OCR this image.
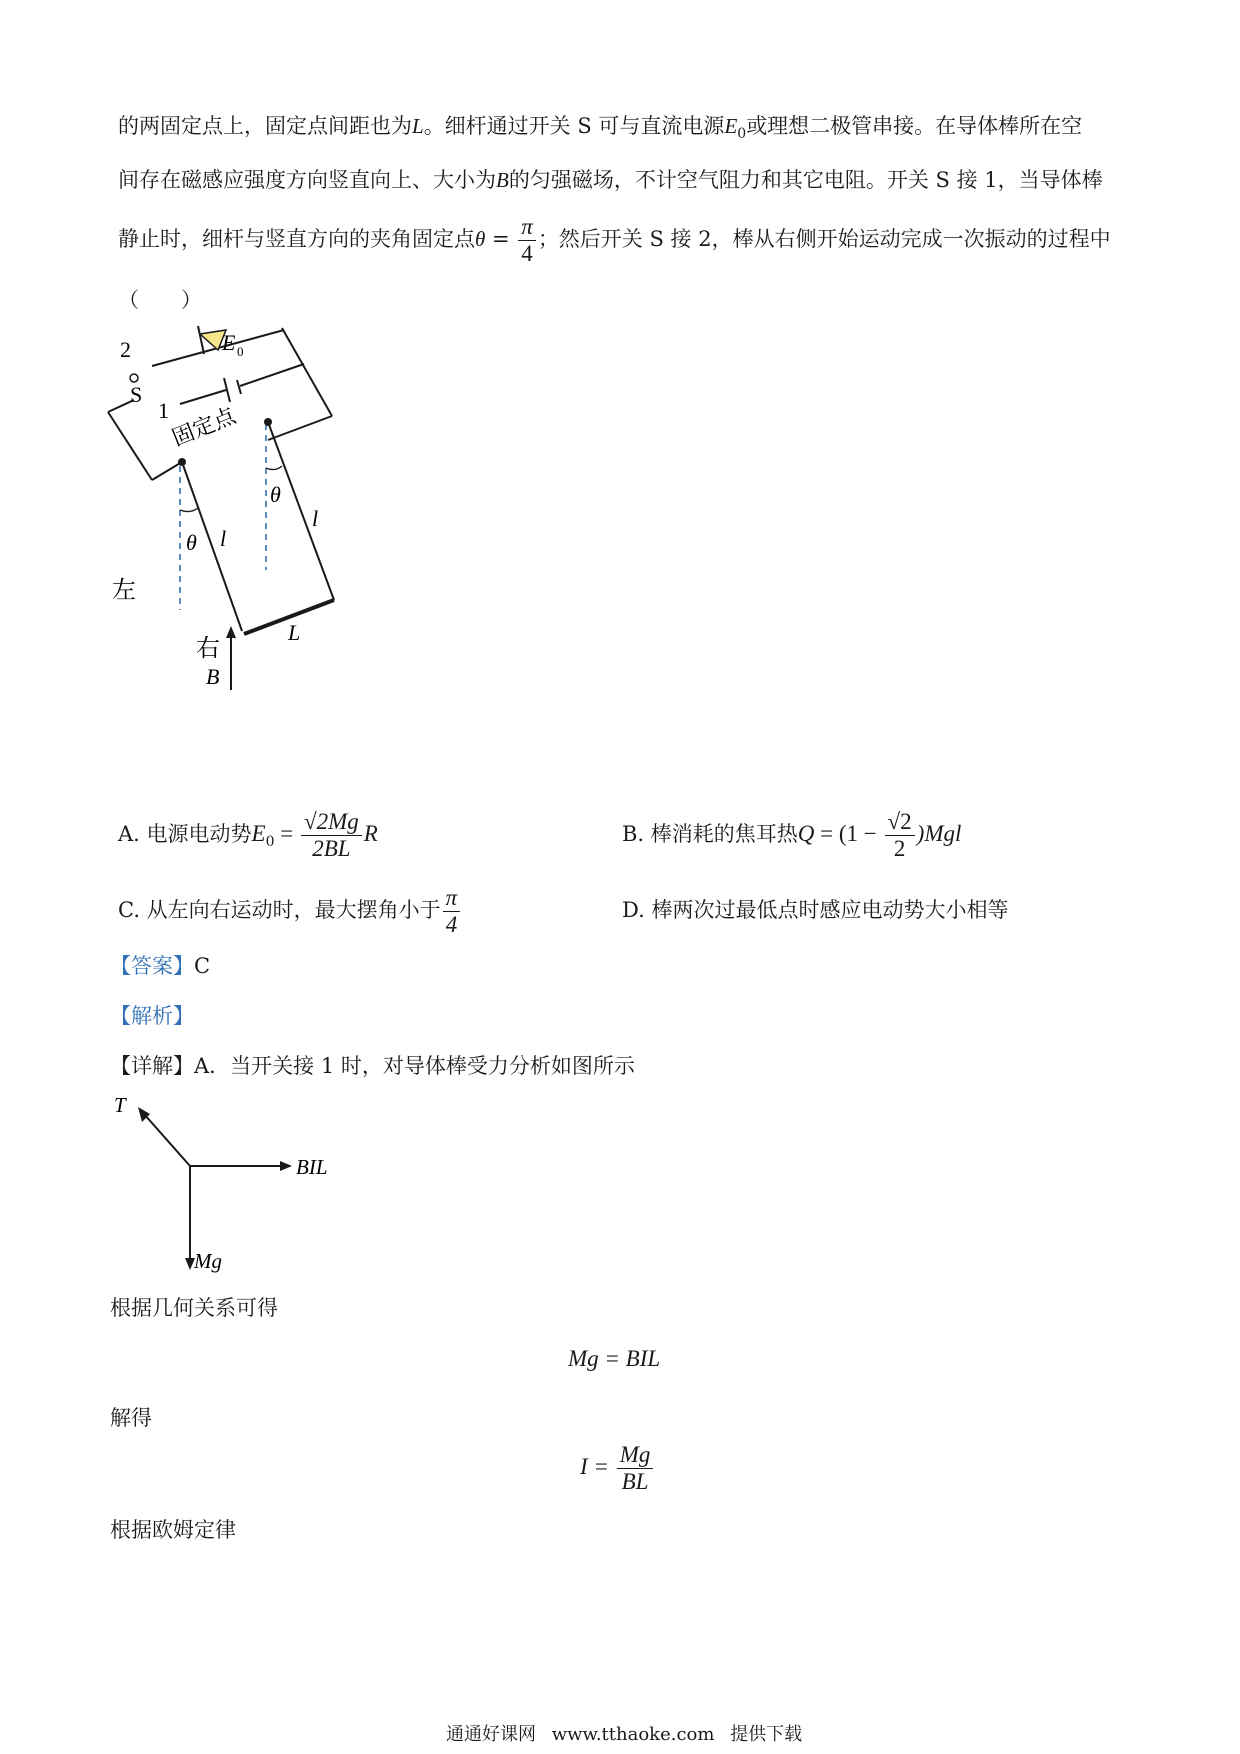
的两固定点上，固定点间距也为L。细杆通过开关 S 可与直流电源$E_0$或理想二极管串接。在导体棒所在空
间存在磁感应强度方向竖直向上、大小为B的匀强磁场，不计空气阻力和其它电阻。开关 S 接 1，当导体棒
静止时，细杆与竖直方向的夹角固定点$\theta = \frac{\pi}{4}$ ；然后开关 S 接 2，棒从右侧开始运动完成一次振动的过程中
（　　）
2
S
1
E 0
固定点
θ l
θ
l
左
右
B
L
A. 电源电动势$E_0 = \frac{√2Mg}{2BL}$ R	B. 棒消耗的焦耳热$Q = (1 - \frac{√2}{2} )Mgl$
C. 从左向右运动时，最大摆角小于 $\frac{\pi}{4}$	D. 棒两次过最低点时感应电动势大小相等
【答案】C
【解析】
【详解】A．当开关接 1 时，对导体棒受力分析如图所示
T
BIL
Mg
根据几何关系可得
Mg = BIL
解得
$I = \frac{Mg}{BL}$
根据欧姆定律
通通好课网 www.tthaoke.com 提供下载
